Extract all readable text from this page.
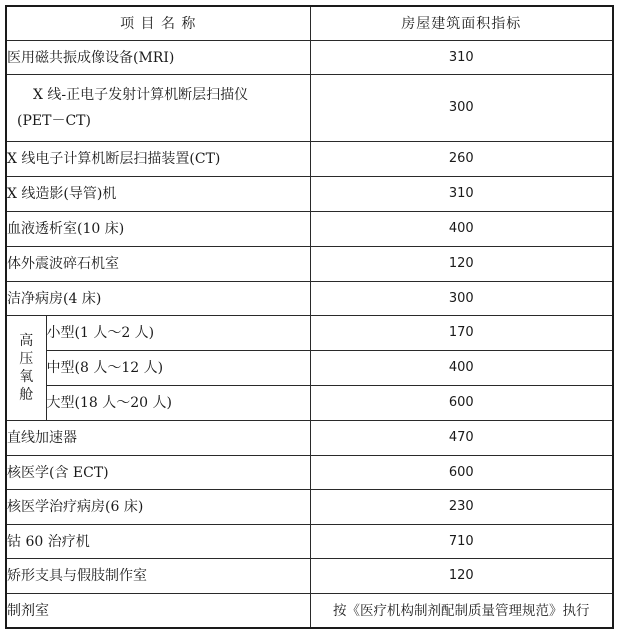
项 目 名 称		房屋建筑面积指标
医用磁共振成像设备(MRI)		310

X 线-正电子发射计算机断层扫描仪
(PET－CT)		300
X 线电子计算机断层扫描装置(CT)		260
X 线造影(导管)机		310
血液透析室(10 床)		400
体外震波碎石机室		120
洁净病房(4 床)		300

高
压
氧
舱	小型(1 人～2 人)	170
	中型(8 人～12 人)	400
	大型(18 人～20 人)	600
直线加速器		470
核医学(含 ECT)		600
核医学治疗病房(6 床)		230
钴 60 治疗机		710
矫形支具与假肢制作室		120
制剂室		按《医疗机构制剂配制质量管理规范》执行
